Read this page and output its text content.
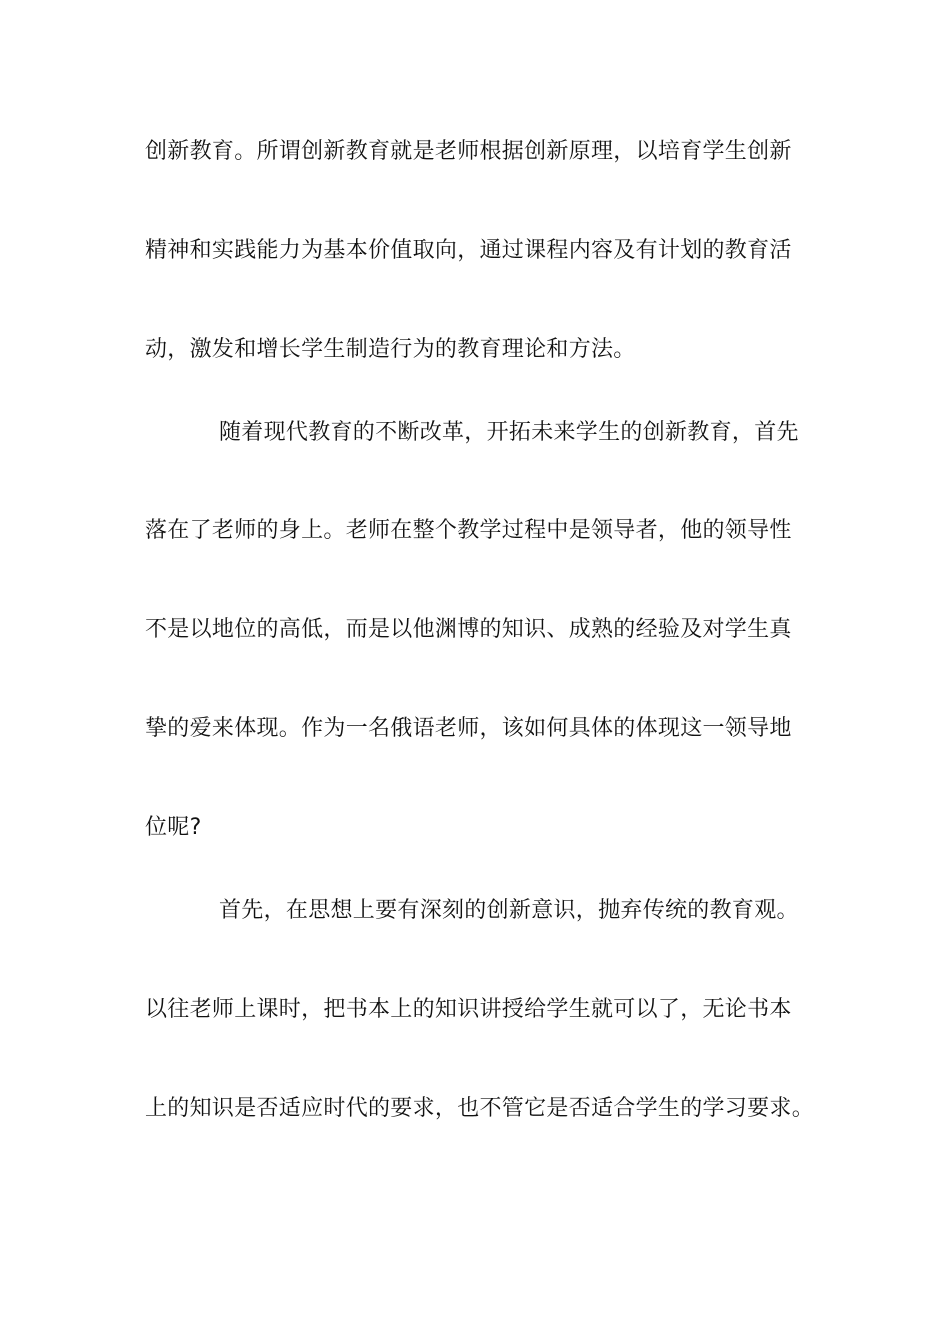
创新教育。所谓创新教育就是老师根据创新原理，以培育学生创新
精神和实践能力为基本价值取向，通过课程内容及有计划的教育活
动，激发和增长学生制造行为的教育理论和方法。
随着现代教育的不断改革，开拓未来学生的创新教育，首先
落在了老师的身上。老师在整个教学过程中是领导者，他的领导性
不是以地位的高低，而是以他渊博的知识、成熟的经验及对学生真
挚的爱来体现。作为一名俄语老师，该如何具体的体现这一领导地
位呢?
首先，在思想上要有深刻的创新意识，抛弃传统的教育观。
以往老师上课时，把书本上的知识讲授给学生就可以了，无论书本
上的知识是否适应时代的要求，也不管它是否适合学生的学习要求。
